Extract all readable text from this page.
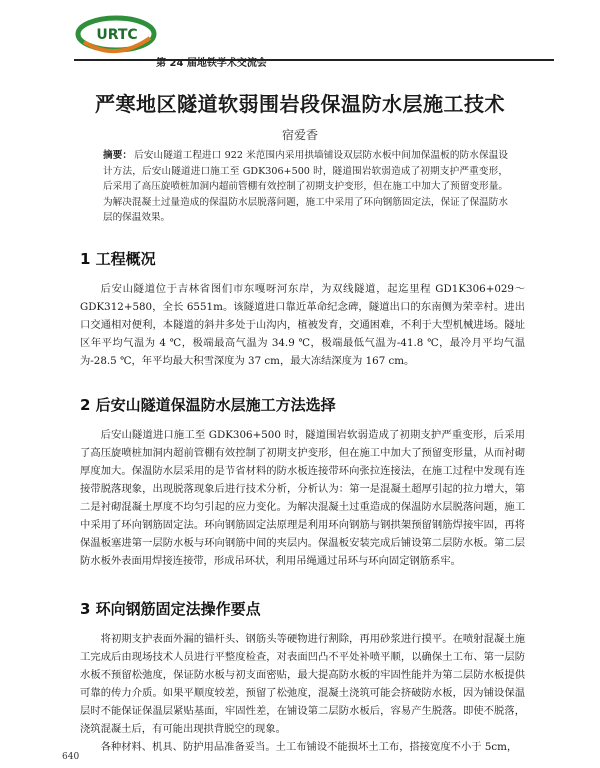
URTC
第 24 届地铁学术交流会
严寒地区隧道软弱围岩段保温防水层施工技术
宿爱香
摘要： 后安山隧道工程进口 922 米范围内采用拱墙铺设双层防水板中间加保温板的防水保温设计方法，后安山隧道进口施工至 GDK306+500 时，隧道围岩软弱造成了初期支护严重变形，后采用了高压旋喷桩加洞内超前管棚有效控制了初期支护变形，但在施工中加大了预留变形量。为解决混凝土过量造成的保温防水层脱落问题，施工中采用了环向钢筋固定法，保证了保温防水层的保温效果。
1 工程概况

后安山隧道位于吉林省图们市东嘎呀河东岸，为双线隧道，起迄里程 GD1K306+029～GDK312+580，全长 6551m。该隧道进口靠近革命纪念碑，隧道出口的东南侧为荣幸村。进出口交通相对便利，本隧道的斜井多处于山沟内，植被发育，交通困难，不利于大型机械进场。隧址区年平均气温为 4 ℃，极端最高气温为 34.9 ℃，极端最低气温为-41.8 ℃，最冷月平均气温为-28.5 ℃，年平均最大积雪深度为 37 cm，最大冻结深度为 167 cm。

2 后安山隧道保温防水层施工方法选择

后安山隧道进口施工至 GDK306+500 时，隧道围岩软弱造成了初期支护严重变形，后采用了高压旋喷桩加洞内超前管棚有效控制了初期支护变形，但在施工中加大了预留变形量，从而衬砌厚度加大。保温防水层采用的是节省材料的防水板连接带环向张拉连接法，在施工过程中发现有连接带脱落现象，出现脱落现象后进行技术分析，分析认为：第一是混凝土超厚引起的拉力增大，第二是衬砌混凝土厚度不均匀引起的应力变化。为解决混凝土过重造成的保温防水层脱落问题，施工中采用了环向钢筋固定法。环向钢筋固定法原理是利用环向钢筋与钢拱架预留钢筋焊接牢固，再将保温板塞进第一层防水板与环向钢筋中间的夹层内。保温板安装完成后铺设第二层防水板。第二层防水板外表面用焊接连接带，形成吊环状，利用吊绳通过吊环与环向固定钢筋系牢。

3 环向钢筋固定法操作要点

将初期支护表面外漏的锚杆头、钢筋头等硬物进行割除，再用砂浆进行摸平。在喷射混凝土施工完成后由现场技术人员进行平整度检查，对表面凹凸不平处补喷平顺，以确保土工布、第一层防水板不预留松弛度，保证防水板与初支面密贴，最大提高防水板的牢固性能并为第二层防水板提供可靠的传力介质。如果平顺度较差，预留了松弛度，混凝土浇筑可能会挤破防水板，因为铺设保温层时不能保证保温层紧贴基面，牢固性差，在铺设第二层防水板后，容易产生脱落。即使不脱落，浇筑混凝土后，有可能出现拱背脱空的现象。

各种材料、机具、防护用品准备妥当。土工布铺设不能损坏土工布，搭接宽度不小于 5cm，

640
